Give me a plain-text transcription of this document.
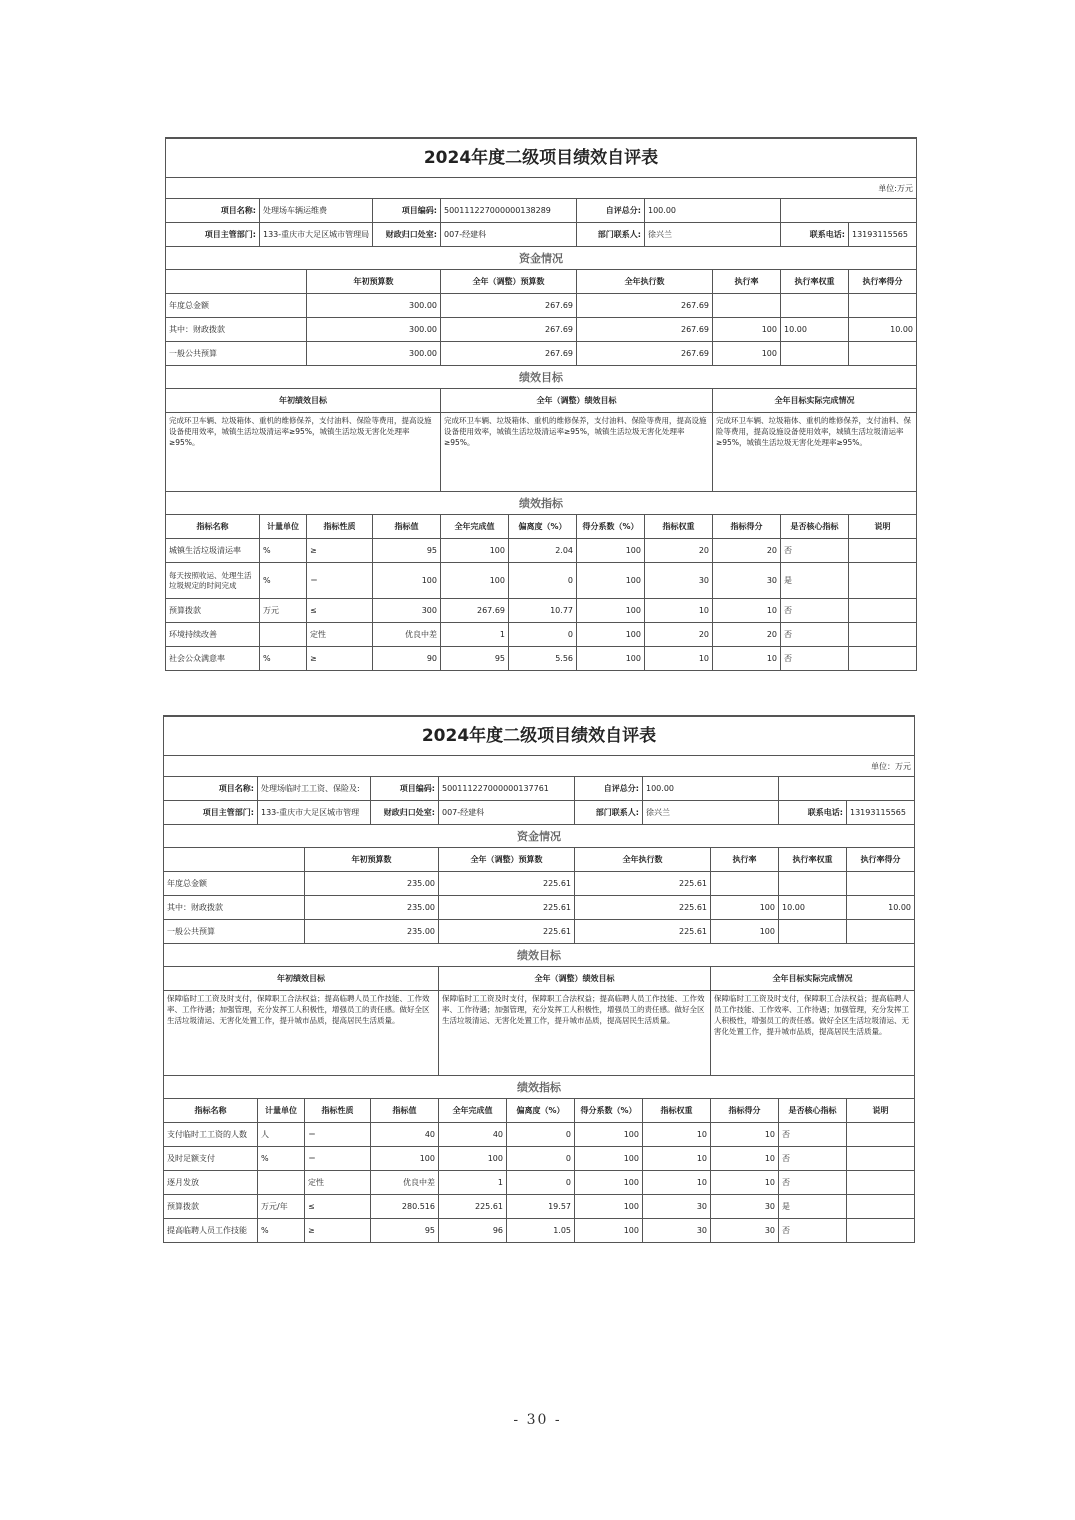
2024年度二级项目绩效自评表
单位:万元
项目名称:	处理场车辆运维费	项目编码:	500111227000000138289	自评总分:	100.00	
项目主管部门:	133-重庆市大足区城市管理局	财政归口处室:	007-经建科	部门联系人:	徐兴兰	联系电话:	13193115565
资金情况
	年初预算数	全年（调整）预算数	全年执行数	执行率	执行率权重	执行率得分
年度总金额	300.00	267.69	267.69			
其中：财政拨款	300.00	267.69	267.69	100	10.00	10.00
一般公共预算	300.00	267.69	267.69	100		
绩效目标
年初绩效目标	全年（调整）绩效目标	全年目标实际完成情况
完成环卫车辆、垃圾箱体、重机的维修保养，支付油料、保险等费用，提高设施设备使用效率，城镇生活垃圾清运率≥95%，城镇生活垃圾无害化处理率≥95%。	完成环卫车辆、垃圾箱体、重机的维修保养，支付油料、保险等费用，提高设施设备使用效率，城镇生活垃圾清运率≥95%，城镇生活垃圾无害化处理率≥95%。	完成环卫车辆、垃圾箱体、重机的维修保养，支付油料、保险等费用，提高设施设备使用效率，城镇生活垃圾清运率≥95%，城镇生活垃圾无害化处理率≥95%。
绩效指标
指标名称	计量单位	指标性质	指标值	全年完成值	偏离度（%）	得分系数（%）	指标权重	指标得分	是否核心指标	说明
城镇生活垃圾清运率	%	≥	95	100	2.04	100	20	20	否	
每天按照收运、处理生活垃圾规定的时间完成	%	＝	100	100	0	100	30	30	是	
预算拨款	万元	≤	300	267.69	10.77	100	10	10	否	
环境持续改善		定性	优良中差	1	0	100	20	20	否	
社会公众满意率	%	≥	90	95	5.56	100	10	10	否	
2024年度二级项目绩效自评表
单位：万元
项目名称:	处理场临时工工资、保险及:	项目编码:	500111227000000137761	自评总分:	100.00	
项目主管部门:	133-重庆市大足区城市管理	财政归口处室:	007-经建科	部门联系人:	徐兴兰	联系电话:	13193115565
资金情况
	年初预算数	全年（调整）预算数	全年执行数	执行率	执行率权重	执行率得分
年度总金额	235.00	225.61	225.61			
其中：财政拨款	235.00	225.61	225.61	100	10.00	10.00
一般公共预算	235.00	225.61	225.61	100		
绩效目标
年初绩效目标	全年（调整）绩效目标	全年目标实际完成情况
保障临时工工资及时支付，保障职工合法权益；提高临聘人员工作技能、工作效率、工作待遇；加强管理，充分发挥工人积极性，增强员工的责任感。做好全区生活垃圾清运、无害化处置工作，提升城市品质，提高居民生活质量。	保障临时工工资及时支付，保障职工合法权益；提高临聘人员工作技能、工作效率、工作待遇；加强管理，充分发挥工人积极性，增强员工的责任感。做好全区生活垃圾清运、无害化处置工作，提升城市品质，提高居民生活质量。	保障临时工工资及时支付，保障职工合法权益；提高临聘人员工作技能、工作效率、工作待遇；加强管理，充分发挥工人积极性，增强员工的责任感。做好全区生活垃圾清运、无害化处置工作，提升城市品质，提高居民生活质量。
绩效指标
指标名称	计量单位	指标性质	指标值	全年完成值	偏离度（%）	得分系数（%）	指标权重	指标得分	是否核心指标	说明
支付临时工工资的人数	人	＝	40	40	0	100	10	10	否	
及时足额支付	%	＝	100	100	0	100	10	10	否	
逐月发放		定性	优良中差	1	0	100	10	10	否	
预算拨款	万元/年	≤	280.516	225.61	19.57	100	30	30	是	
提高临聘人员工作技能	%	≥	95	96	1.05	100	30	30	否	
- 30 -
